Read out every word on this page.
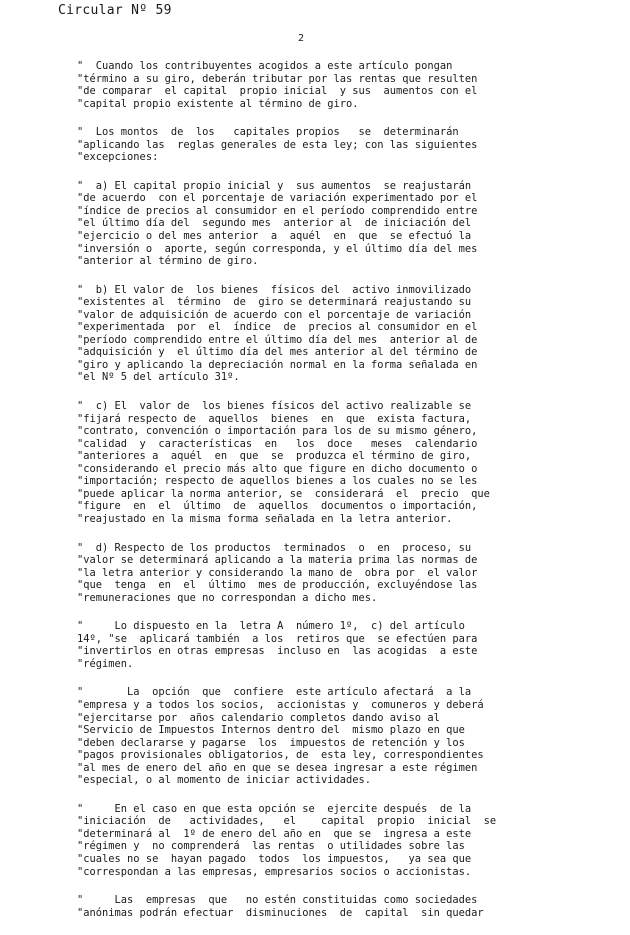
Circular Nº 59
2
"  Cuando los contribuyentes acogidos a este artículo pongan
"término a su giro, deberán tributar por las rentas que resulten
"de comparar  el capital  propio inicial  y sus  aumentos con el
"capital propio existente al término de giro.
"  Los montos  de  los   capitales propios   se  determinarán
"aplicando las  reglas generales de esta ley; con las siguientes
"excepciones:
"  a) El capital propio inicial y  sus aumentos  se reajustarán
"de acuerdo  con el porcentaje de variación experimentado por el
"índice de precios al consumidor en el período comprendido entre
"el último día del  segundo mes  anterior al  de iniciación del
"ejercicio o del mes anterior  a  aquél  en  que  se efectuó la
"inversión o  aporte, según corresponda, y el último día del mes
"anterior al término de giro.
"  b) El valor de  los bienes  físicos del  activo inmovilizado
"existentes al  término  de  giro se determinará reajustando su
"valor de adquisición de acuerdo con el porcentaje de variación
"experimentada  por  el  índice  de  precios al consumidor en el
"período comprendido entre el último día del mes  anterior al de
"adquisición y  el último día del mes anterior al del término de
"giro y aplicando la depreciación normal en la forma señalada en
"el Nº 5 del artículo 31º.
"  c) El  valor de  los bienes físicos del activo realizable se
"fijará respecto de  aquellos  bienes  en  que  exista factura,
"contrato, convención o importación para los de su mismo género,
"calidad  y  características  en   los  doce   meses  calendario
"anteriores a  aquél  en  que  se  produzca el término de giro,
"considerando el precio más alto que figure en dicho documento o
"importación; respecto de aquellos bienes a los cuales no se les
"puede aplicar la norma anterior, se  considerará  el  precio  que
"figure  en  el  último  de  aquellos  documentos o importación,
"reajustado en la misma forma señalada en la letra anterior.
"  d) Respecto de los productos  terminados  o  en  proceso, su
"valor se determinará aplicando a la materia prima las normas de
"la letra anterior y considerando la mano de  obra por  el valor
"que  tenga  en  el  último  mes de producción, excluyéndose las
"remuneraciones que no correspondan a dicho mes.
"     Lo dispuesto en la  letra A  número 1º,  c) del artículo
14º, "se  aplicará también  a los  retiros que  se efectúen para
"invertirlos en otras empresas  incluso en  las acogidas  a este
"régimen.
"       La  opción  que  confiere  este artículo afectará  a la
"empresa y a todos los socios,  accionistas y  comuneros y deberá
"ejercitarse por  años calendario completos dando aviso al
"Servicio de Impuestos Internos dentro del  mismo plazo en que
"deben declararse y pagarse  los  impuestos de retención y los
"pagos provisionales obligatorios, de  esta ley, correspondientes
"al mes de enero del año en que se desea ingresar a este régimen
"especial, o al momento de iniciar actividades.
"     En el caso en que esta opción se  ejercite después  de la
"iniciación  de   actividades,   el    capital  propio  inicial  se
"determinará al  1º de enero del año en  que se  ingresa a este
"régimen y  no comprenderá  las rentas  o utilidades sobre las
"cuales no se  hayan pagado  todos  los impuestos,   ya sea que
"correspondan a las empresas, empresarios socios o accionistas.
"     Las  empresas  que   no estén constituidas como sociedades
"anónimas podrán efectuar  disminuciones  de  capital  sin quedar
